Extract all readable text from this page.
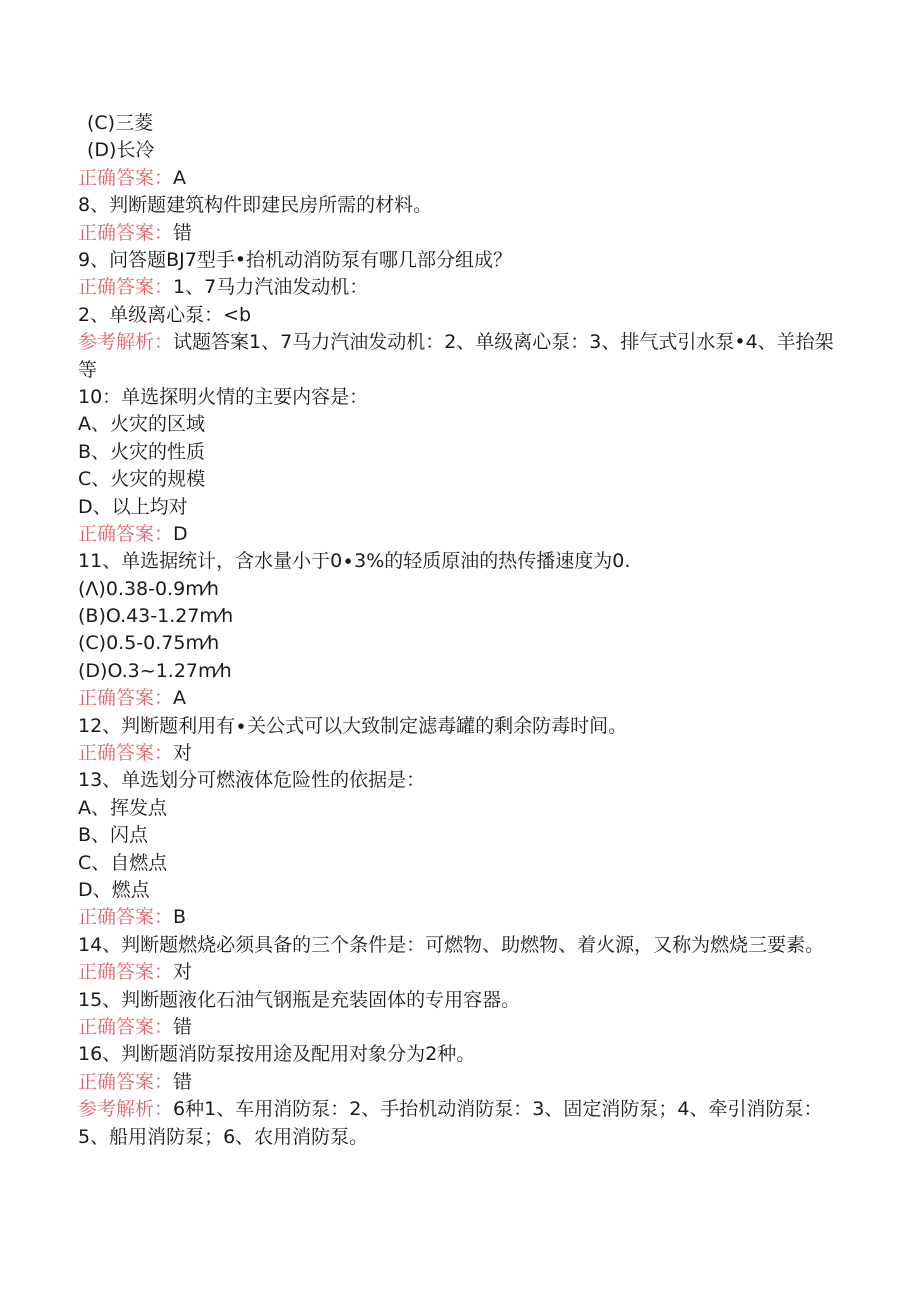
(C)三菱
(D)长冷
正确答案：A
8、判断题建筑构件即建民房所需的材料。
正确答案：错
9、问答题BJ7型手•抬机动消防泵有哪几部分组成？
正确答案：1、7马力汽油发动机：
2、单级离心泵：<b
参考解析：试题答案1、7马力汽油发动机：2、单级离心泵：3、排气式引水泵•4、羊抬架等
10：单选探明火情的主要内容是：
A、火灾的区域
B、火灾的性质
C、火灾的规模
D、以上均对
正确答案：D
11、单选据统计，含水量小于0∙3%的轻质原油的热传播速度为0.
(Λ)0.38-0.9m⁄h
(B)O.43-1.27m⁄h
(C)0.5-0.75m⁄h
(D)O.3~1.27m⁄h
正确答案：A
12、判断题利用有∙关公式可以大致制定滤毒罐的剩余防毒时间。
正确答案：对
13、单选划分可燃液体危险性的依据是：
A、挥发点
B、闪点
C、自燃点
D、燃点
正确答案：B
14、判断题燃烧必须具备的三个条件是：可燃物、助燃物、着火源，又称为燃烧三要素。
正确答案：对
15、判断题液化石油气钢瓶是充装固体的专用容器。
正确答案：错
16、判断题消防泵按用途及配用对象分为2种。
正确答案：错
参考解析：6种1、车用消防泵：2、手抬机动消防泵：3、固定消防泵；4、牵引消防泵：5、船用消防泵；6、农用消防泵。
